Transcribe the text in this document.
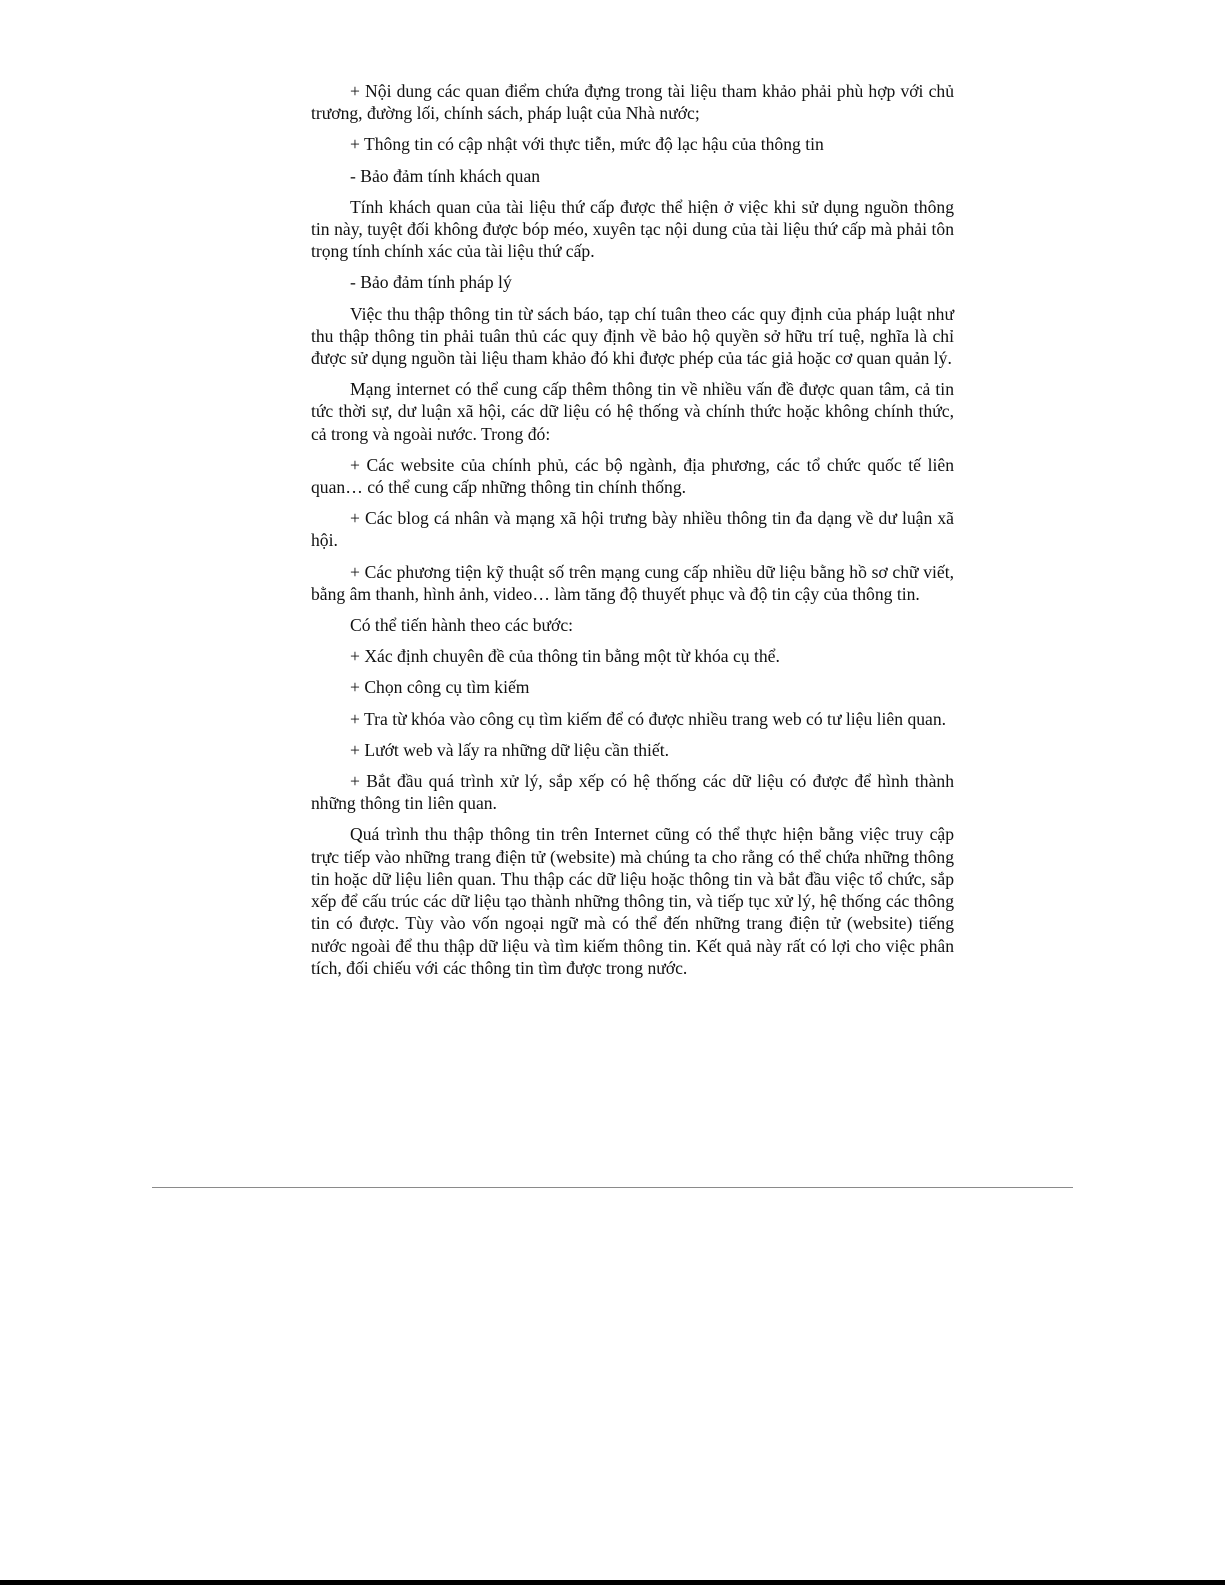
+ Nội dung các quan điểm chứa đựng trong tài liệu tham khảo phải phù hợp với chủ trương, đường lối, chính sách, pháp luật của Nhà nước;

+ Thông tin có cập nhật với thực tiễn, mức độ lạc hậu của thông tin

- Bảo đảm tính khách quan

Tính khách quan của tài liệu thứ cấp được thể hiện ở việc khi sử dụng nguồn thông tin này, tuyệt đối không được bóp méo, xuyên tạc nội dung của tài liệu thứ cấp mà phải tôn trọng tính chính xác của tài liệu thứ cấp.

- Bảo đảm tính pháp lý

Việc thu thập thông tin từ sách báo, tạp chí tuân theo các quy định của pháp luật như thu thập thông tin phải tuân thủ các quy định về bảo hộ quyền sở hữu trí tuệ, nghĩa là chỉ được sử dụng nguồn tài liệu tham khảo đó khi được phép của tác giả hoặc cơ quan quản lý.

Mạng internet có thể cung cấp thêm thông tin về nhiều vấn đề được quan tâm, cả tin tức thời sự, dư luận xã hội, các dữ liệu có hệ thống và chính thức hoặc không chính thức, cả trong và ngoài nước. Trong đó:

+ Các website của chính phủ, các bộ ngành, địa phương, các tổ chức quốc tế liên quan… có thể cung cấp những thông tin chính thống.

+ Các blog cá nhân và mạng xã hội trưng bày nhiều thông tin đa dạng về dư luận xã hội.

+ Các phương tiện kỹ thuật số trên mạng cung cấp nhiều dữ liệu bằng hồ sơ chữ viết, bằng âm thanh, hình ảnh, video… làm tăng độ thuyết phục và độ tin cậy của thông tin.

Có thể tiến hành theo các bước:

+ Xác định chuyên đề của thông tin bằng một từ khóa cụ thể.

+ Chọn công cụ tìm kiếm

+ Tra từ khóa vào công cụ tìm kiếm để có được nhiều trang web có tư liệu liên quan.

+ Lướt web và lấy ra những dữ liệu cần thiết.

+ Bắt đầu quá trình xử lý, sắp xếp có hệ thống các dữ liệu có được để hình thành những thông tin liên quan.

Quá trình thu thập thông tin trên Internet cũng có thể thực hiện bằng việc truy cập trực tiếp vào những trang điện tử (website) mà chúng ta cho rằng có thể chứa những thông tin hoặc dữ liệu liên quan. Thu thập các dữ liệu hoặc thông tin và bắt đầu việc tổ chức, sắp xếp để cấu trúc các dữ liệu tạo thành những thông tin, và tiếp tục xử lý, hệ thống các thông tin có được. Tùy vào vốn ngoại ngữ mà có thể đến những trang điện tử (website) tiếng nước ngoài để thu thập dữ liệu và tìm kiếm thông tin. Kết quả này rất có lợi cho việc phân tích, đối chiếu với các thông tin tìm được trong nước.
